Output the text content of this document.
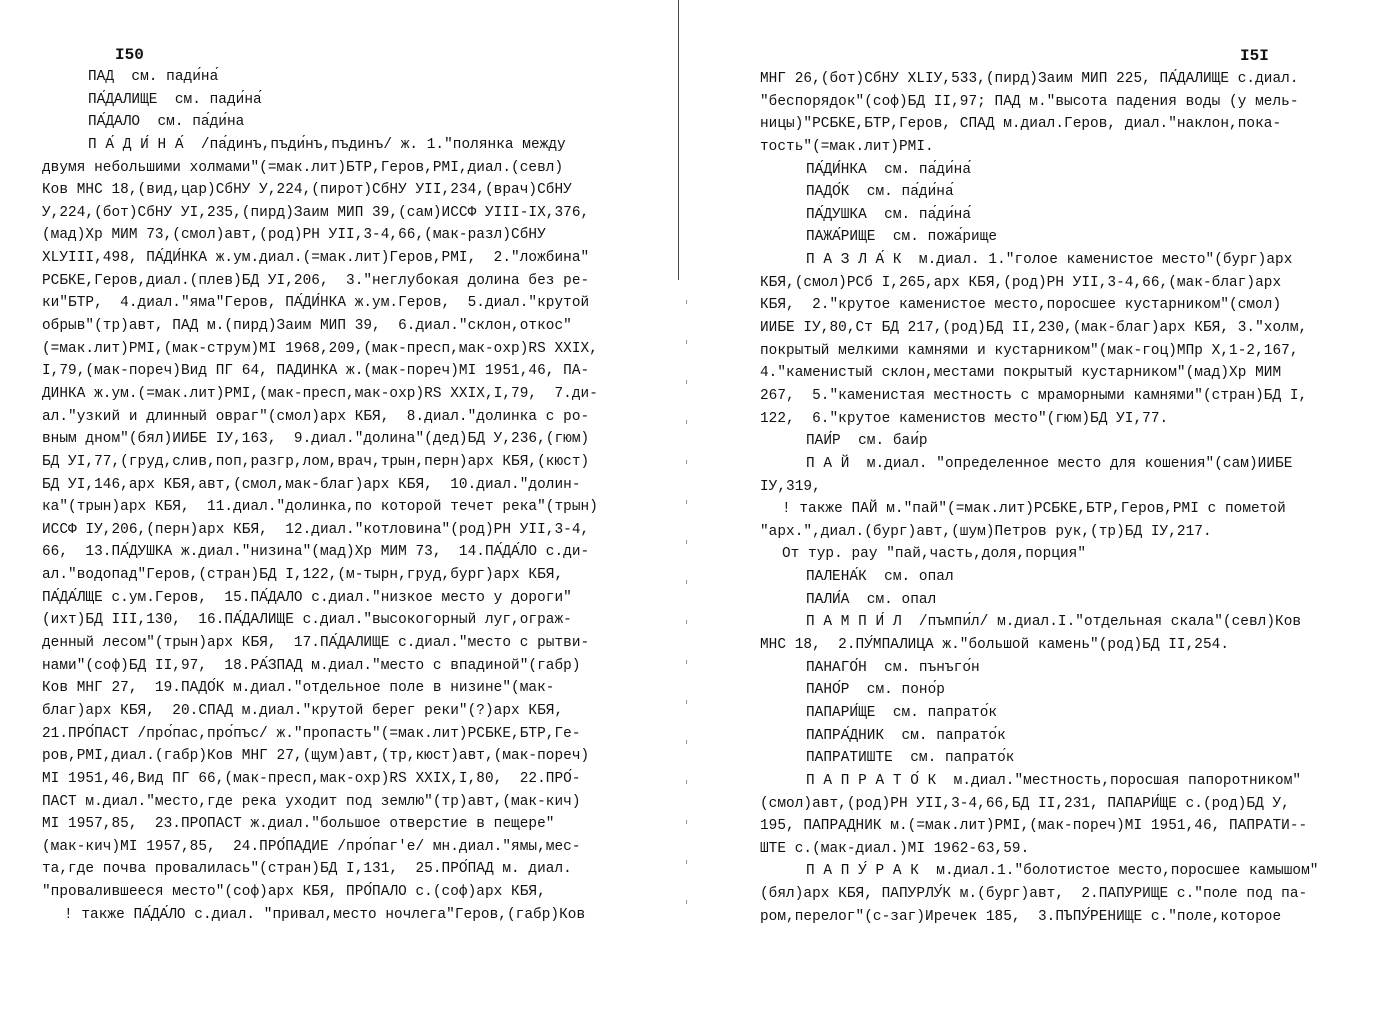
I50
ПАД  см. пади́на́
ПА́ДАЛИЩЕ  см. пади́на́
ПА́ДАЛО  см. па́ди́на
П А́ Д И́ Н А́  /па́динъ,пъди́нъ,пъдинъ/ ж. 1."полянка между
двумя небольшими холмами"(=мак.лит)БТР,Геров,РМI,диал.(севл)
Ков МНС 18,(вид,цар)СбНУ У,224,(пирот)СбНУ УII,234,(врач)СбНУ
У,224,(бот)СбНУ УI,235,(пирд)Заим МИП 39,(сам)ИССФ УIII-IX,376,
(мад)Хр МИМ 73,(смол)авт,(род)РН УII,3-4,66,(мак-разл)СбНУ
XLУIII,498, ПА́ДИ́НКА ж.ум.диал.(=мак.лит)Геров,РМI,  2."ложбина"
РСБКЕ,Геров,диал.(плев)БД УI,206,  3."неглубокая долина без ре-
ки"БТР,  4.диал."яма"Геров, ПА́ДИ́НКА ж.ум.Геров,  5.диал."крутой
обрыв"(тр)авт, ПАД м.(пирд)Заим МИП 39,  6.диал."склон,откос"
(=мак.лит)РМI,(мак-струм)MI 1968,209,(мак-пресп,мак-охр)RS XXIX,
I,79,(мак-пореч)Вид ПГ 64, ПАДИНКА ж.(мак-пореч)MI 1951,46, ПА-
ДИНКА ж.ум.(=мак.лит)РМI,(мак-пресп,мак-охр)RS XXIX,I,79,  7.ди-
ал."узкий и длинный овраг"(смол)арх КБЯ,  8.диал."долинка с ро-
вным дном"(бял)ИИБЕ IУ,163,  9.диал."долина"(дед)БД У,236,(гюм)
БД УI,77,(груд,слив,поп,разгр,лом,врач,трын,перн)арх КБЯ,(кюст)
БД УI,146,арх КБЯ,авт,(смол,мак-благ)арх КБЯ,  10.диал."долин-
ка"(трын)арх КБЯ,  11.диал."долинка,по которой течет река"(трын)
ИССФ IУ,206,(перн)арх КБЯ,  12.диал."котловина"(род)РН УII,3-4,
66,  13.ПА́ДУШКА ж.диал."низина"(мад)Хр МИМ 73,  14.ПА́ДА́ЛО с.ди-
ал."водопад"Геров,(стран)БД I,122,(м-тырн,груд,бург)арх КБЯ,
ПА́ДА́ЛЩЕ с.ум.Геров,  15.ПА́ДАЛО с.диал."низкое место у дороги"
(ихт)БД III,130,  16.ПА́ДАЛИЩЕ с.диал."высокогорный луг,ограж-
денный лесом"(трын)арх КБЯ,  17.ПА́ДАЛИЩЕ с.диал."место с рытви-
нами"(соф)БД II,97,  18.РА́ЗПАД м.диал."место с впадиной"(габр)
Ков МНГ 27,  19.ПАДО́К м.диал."отдельное поле в низине"(мак-
благ)арх КБЯ,  20.СПАД м.диал."крутой берег реки"(?)арх КБЯ,
21.ПРО́ПАСТ /про́пас,про́пъс/ ж."пропасть"(=мак.лит)РСБКЕ,БТР,Ге-
ров,РМI,диал.(габр)Ков МНГ 27,(щум)авт,(тр,кюст)авт,(мак-пореч)
MI 1951,46,Вид ПГ 66,(мак-пресп,мак-охр)RS XXIX,I,80,  22.ПРО́-
ПАСТ м.диал."место,где река уходит под землю"(тр)авт,(мак-кич)
MI 1957,85,  23.ПРОПАСТ ж.диал."большое отверстие в пещере"
(мак-кич)MI 1957,85,  24.ПРО́ПАДИЕ /про́паг'е/ мн.диал."ямы,мес-
та,где почва провалилась"(стран)БД I,131,  25.ПРО́ПАД м. диал.
"провалившееся место"(соф)арх КБЯ, ПРО́ПАЛО с.(соф)арх КБЯ,
! также ПА́ДА́ЛО с.диал. "привал,место ночлега"Геров,(габр)Ков
I5I
МНГ 26,(бот)СбНУ XLIУ,533,(пирд)Заим МИП 225, ПА́ДАЛИЩЕ с.диал.
"беспорядок"(соф)БД II,97; ПАД м."высота падения воды (у мель-
ницы)"РСБКЕ,БТР,Геров, СПАД м.диал.Геров, диал."наклон,пока-
тость"(=мак.лит)РМI.
ПА́ДИ́НКА  см. па́ди́на́
ПАДО́К  см. па́ди́на́
ПА́ДУШКА  см. па́ди́на́
ПАЖА́РИЩЕ  см. пожа́рище
П А З Л А́ К  м.диал. 1."голое каменистое место"(бург)арх
КБЯ,(смол)РСб I,265,арх КБЯ,(род)РН УII,3-4,66,(мак-благ)арх
КБЯ,  2."крутое каменистое место,поросшее кустарником"(смол)
ИИБЕ IУ,80,Ст БД 217,(род)БД II,230,(мак-благ)арх КБЯ, 3."холм,
покрытый мелкими камнями и кустарником"(мак-гоц)МПр X,1-2,167,
4."каменистый склон,местами покрытый кустарником"(мад)Хр МИМ
267,  5."каменистая местность с мраморными камнями"(стран)БД I,
122,  6."крутое каменистов место"(гюм)БД УI,77.
ПАИ́Р  см. баи́р
П А Й  м.диал. "определенное место для кошения"(сам)ИИБЕ
IУ,319,
! также ПАЙ м."пай"(=мак.лит)РСБКЕ,БТР,Геров,РМI с пометой
"арх.",диал.(бург)авт,(шум)Петров рук,(тр)БД IУ,217.
От тур. pay "пай,часть,доля,порция"
ПАЛЕНА́К  см. опал
ПАЛИ́А  см. опал
П А М П И́ Л  /пъмпи́л/ м.диал.I."отдельная скала"(севл)Ков
МНС 18,  2.ПУ́МПАЛИЦА ж."большой камень"(род)БД II,254.
ПАНАГО́Н  см. пънъго́н
ПАНО́Р  см. поно́р
ПАПАРИ́ЩЕ  см. папрато́к
ПАПРА́ДНИК  см. папрато́к
ПАПРАТИШТЕ  см. папрато́к
П А П Р А Т О́ К  м.диал."местность,поросшая папоротником"
(смол)авт,(род)РН УII,3-4,66,БД II,231, ПАПАРИ́ЩЕ с.(род)БД У,
195, ПАПРАДНИК м.(=мак.лит)РМI,(мак-пореч)MI 1951,46, ПАПРАТИ--
ШТЕ с.(мак-диал.)MI 1962-63,59.
П А П У́ Р А К  м.диал.1."болотистое место,поросшее камышом"
(бял)арх КБЯ, ПАПУРЛУ́К м.(бург)авт,  2.ПАПУРИЩЕ с."поле под па-
ром,перелог"(с-заг)Иречек 185,  3.ПЪПУ́РЕНИЩЕ с."поле,которое
